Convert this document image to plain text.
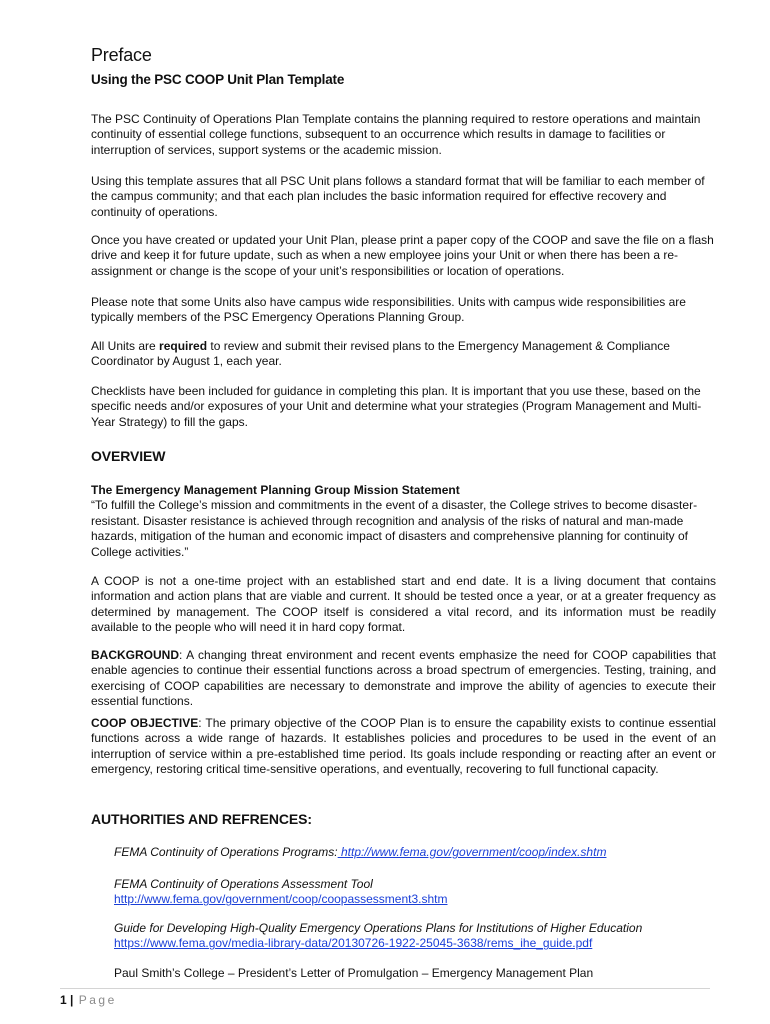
Preface
Using the PSC COOP Unit Plan Template

The PSC Continuity of Operations Plan Template contains the planning required to restore operations and maintain continuity of essential college functions, subsequent to an occurrence which results in damage to facilities or interruption of services, support systems or the academic mission.

Using this template assures that all PSC Unit plans follows a standard format that will be familiar to each member of the campus community; and that each plan includes the basic information required for effective recovery and continuity of operations.

Once you have created or updated your Unit Plan, please print a paper copy of the COOP and save the file on a flash drive and keep it for future update, such as when a new employee joins your Unit or when there has been a re-assignment or change is the scope of your unit’s responsibilities or location of operations.

Please note that some Units also have campus wide responsibilities. Units with campus wide responsibilities are typically members of the PSC Emergency Operations Planning Group.

All Units are required to review and submit their revised plans to the Emergency Management & Compliance Coordinator by August 1, each year.

Checklists have been included for guidance in completing this plan. It is important that you use these, based on the specific needs and/or exposures of your Unit and determine what your strategies (Program Management and Multi-Year Strategy) to fill the gaps.

OVERVIEW

The Emergency Management Planning Group Mission Statement
“To fulfill the College’s mission and commitments in the event of a disaster, the College strives to become disaster-resistant. Disaster resistance is achieved through recognition and analysis of the risks of natural and man-made hazards, mitigation of the human and economic impact of disasters and comprehensive planning for continuity of College activities.”

A COOP is not a one-time project with an established start and end date. It is a living document that contains information and action plans that are viable and current. It should be tested once a year, or at a greater frequency as determined by management. The COOP itself is considered a vital record, and its information must be readily available to the people who will need it in hard copy format.

BACKGROUND: A changing threat environment and recent events emphasize the need for COOP capabilities that enable agencies to continue their essential functions across a broad spectrum of emergencies. Testing, training, and exercising of COOP capabilities are necessary to demonstrate and improve the ability of agencies to execute their essential functions.

COOP OBJECTIVE: The primary objective of the COOP Plan is to ensure the capability exists to continue essential functions across a wide range of hazards. It establishes policies and procedures to be used in the event of an interruption of service within a pre-established time period. Its goals include responding or reacting after an event or emergency, restoring critical time-sensitive operations, and eventually, recovering to full functional capacity.

AUTHORITIES AND REFRENCES:

FEMA Continuity of Operations Programs: http://www.fema.gov/government/coop/index.shtm

FEMA Continuity of Operations Assessment Tool
http://www.fema.gov/government/coop/coopassessment3.shtm

Guide for Developing High-Quality Emergency Operations Plans for Institutions of Higher Education
https://www.fema.gov/media-library-data/20130726-1922-25045-3638/rems_ihe_guide.pdf

Paul Smith’s College – President’s Letter of Promulgation – Emergency Management Plan

1 | Page
